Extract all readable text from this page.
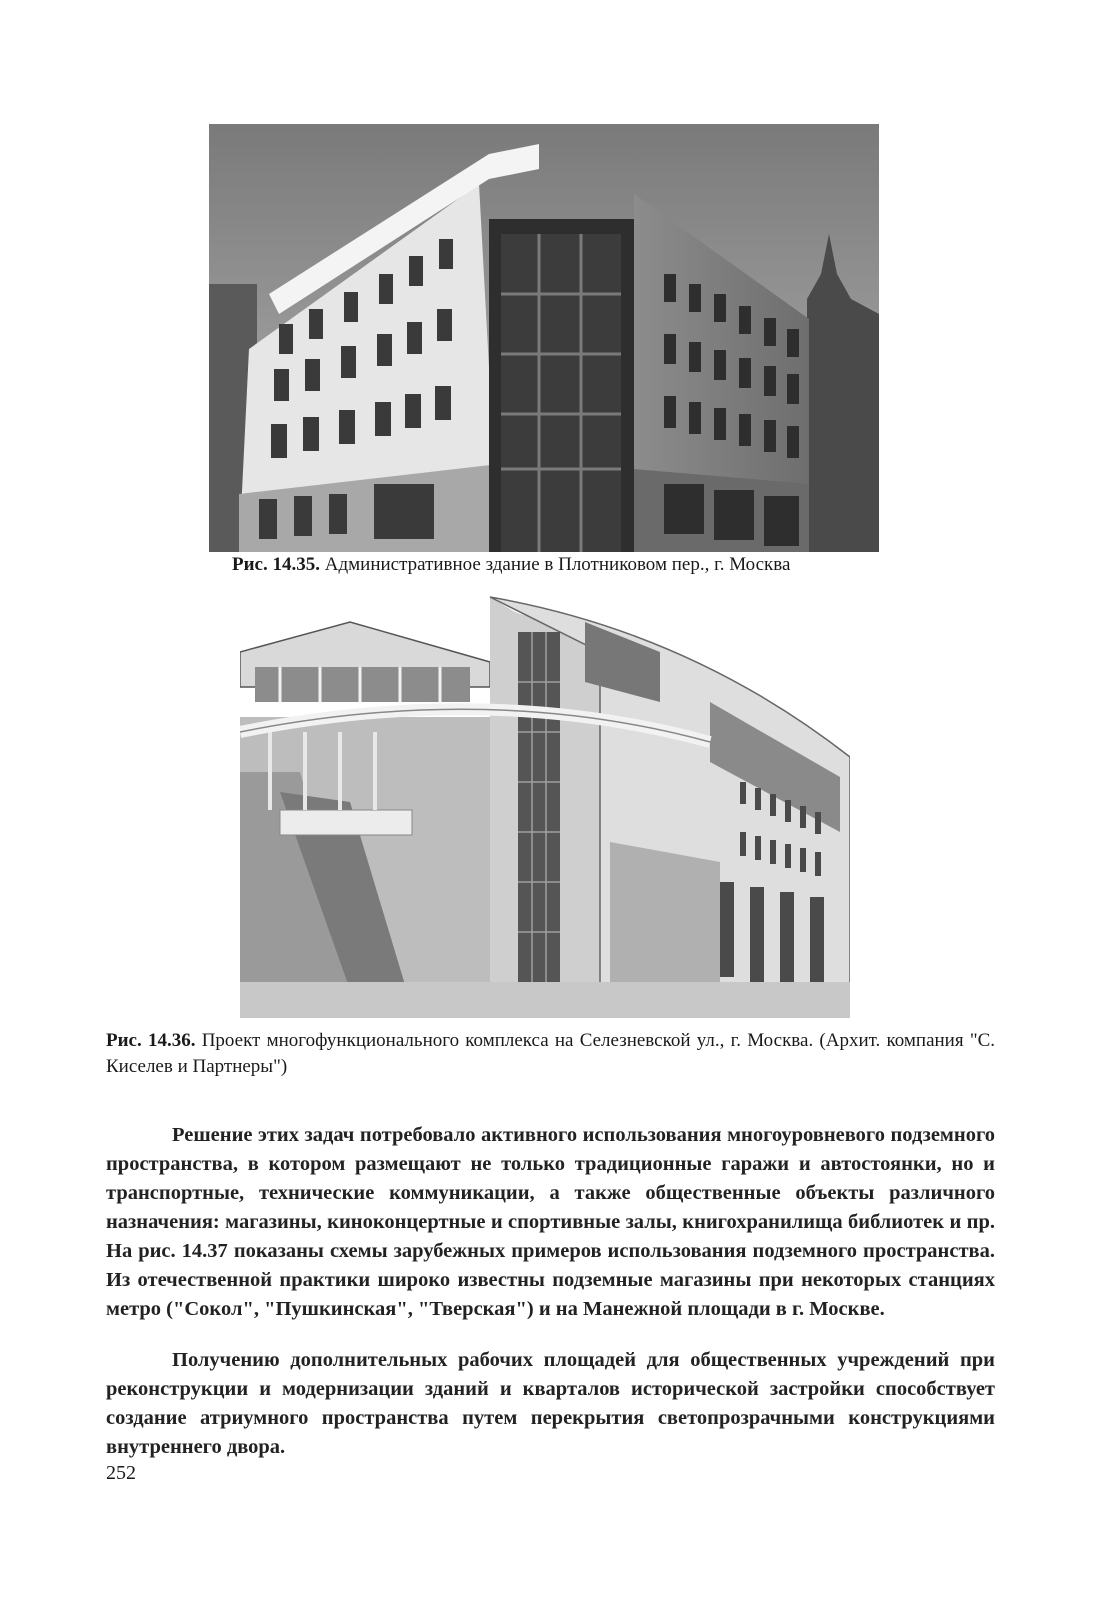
Рис. 14.35. Административное здание в Плотниковом пер., г. Москва
Рис. 14.36. Проект многофункционального комплекса на Селезневской ул., г. Москва. (Архит. компания "С. Киселев и Партнеры")

Решение этих задач потребовало активного использования многоуровневого подземного пространства, в котором размещают не только традиционные гаражи и автостоянки, но и транспортные, технические коммуникации, а также общественные объекты различного назначения: магазины, киноконцертные и спортивные залы, книгохранилища библиотек и пр. На рис. 14.37 показаны схемы зарубежных примеров использования подземного пространства. Из отечественной практики широко известны подземные магазины при некоторых станциях метро ("Сокол", "Пушкинская", "Тверская") и на Манежной площади в г. Москве.

Получению дополнительных рабочих площадей для общественных учреждений при реконструкции и модернизации зданий и кварталов исторической застройки способствует создание атриумного пространства путем перекрытия светопрозрачными конструкциями внутреннего двора.

252
